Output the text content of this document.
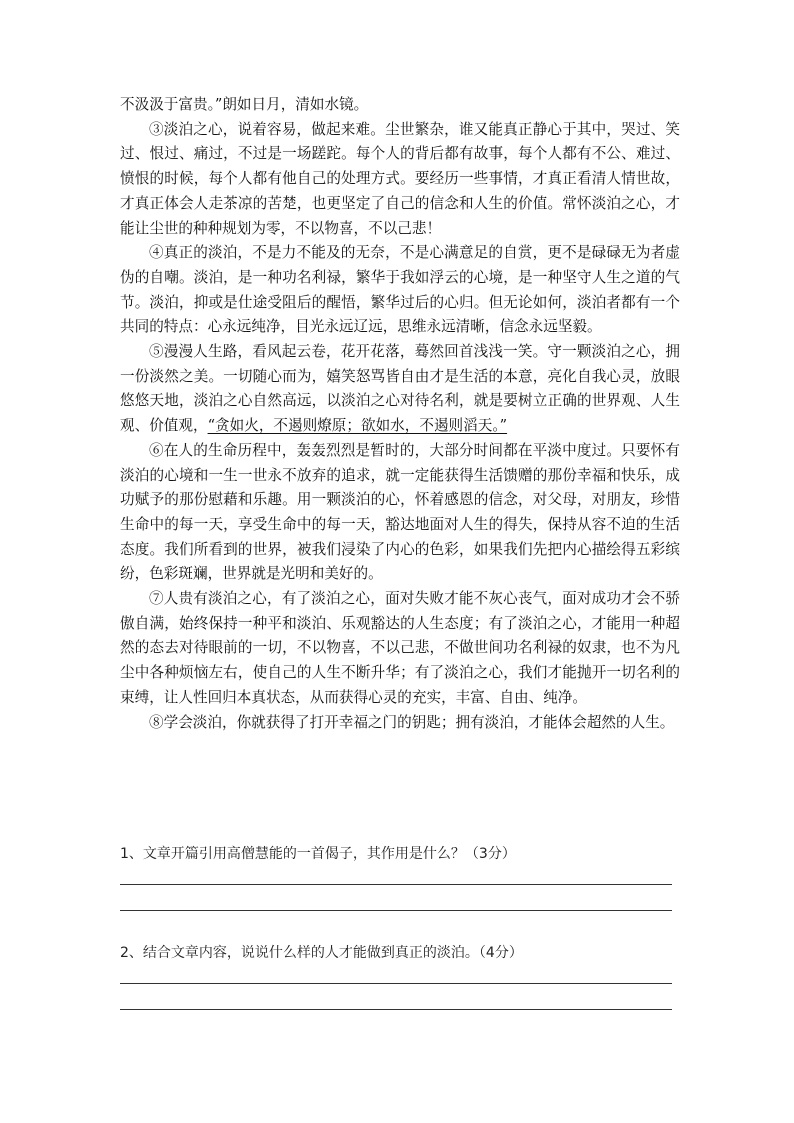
不汲汲于富贵。”朗如日月，清如水镜。

③淡泊之心，说着容易，做起来难。尘世繁杂，谁又能真正静心于其中，哭过、笑过、恨过、痛过，不过是一场蹉跎。每个人的背后都有故事，每个人都有不公、难过、愤恨的时候，每个人都有他自己的处理方式。要经历一些事情，才真正看清人情世故，才真正体会人走茶凉的苦楚，也更坚定了自己的信念和人生的价值。常怀淡泊之心，才能让尘世的种种规划为零，不以物喜，不以己悲！

④真正的淡泊，不是力不能及的无奈，不是心满意足的自赏，更不是碌碌无为者虚伪的自嘲。淡泊，是一种功名利禄，繁华于我如浮云的心境，是一种坚守人生之道的气节。淡泊，抑或是仕途受阻后的醒悟，繁华过后的心归。但无论如何，淡泊者都有一个共同的特点：心永远纯净，目光永远辽远，思维永远清晰，信念永远坚毅。

⑤漫漫人生路，看风起云卷，花开花落，蓦然回首浅浅一笑。守一颗淡泊之心，拥一份淡然之美。一切随心而为，嬉笑怒骂皆自由才是生活的本意，亮化自我心灵，放眼悠悠天地，淡泊之心自然高远，以淡泊之心对待名利，就是要树立正确的世界观、人生观、价值观，“贪如火，不遏则燎原；欲如水，不遏则滔天。”

⑥在人的生命历程中，轰轰烈烈是暂时的，大部分时间都在平淡中度过。只要怀有淡泊的心境和一生一世永不放弃的追求，就一定能获得生活馈赠的那份幸福和快乐，成功赋予的那份慰藉和乐趣。用一颗淡泊的心，怀着感恩的信念，对父母，对朋友，珍惜生命中的每一天，享受生命中的每一天，豁达地面对人生的得失，保持从容不迫的生活态度。我们所看到的世界，被我们浸染了内心的色彩，如果我们先把内心描绘得五彩缤纷，色彩斑斓，世界就是光明和美好的。

⑦人贵有淡泊之心，有了淡泊之心，面对失败才能不灰心丧气，面对成功才会不骄傲自满，始终保持一种平和淡泊、乐观豁达的人生态度；有了淡泊之心，才能用一种超然的态去对待眼前的一切，不以物喜，不以己悲，不做世间功名利禄的奴隶，也不为凡尘中各种烦恼左右，使自己的人生不断升华；有了淡泊之心，我们才能抛开一切名利的束缚，让人性回归本真状态，从而获得心灵的充实，丰富、自由、纯净。

⑧学会淡泊，你就获得了打开幸福之门的钥匙；拥有淡泊，才能体会超然的人生。

1、文章开篇引用高僧慧能的一首偈子，其作用是什么？（3分）

2、结合文章内容，说说什么样的人才能做到真正的淡泊。（4分）
